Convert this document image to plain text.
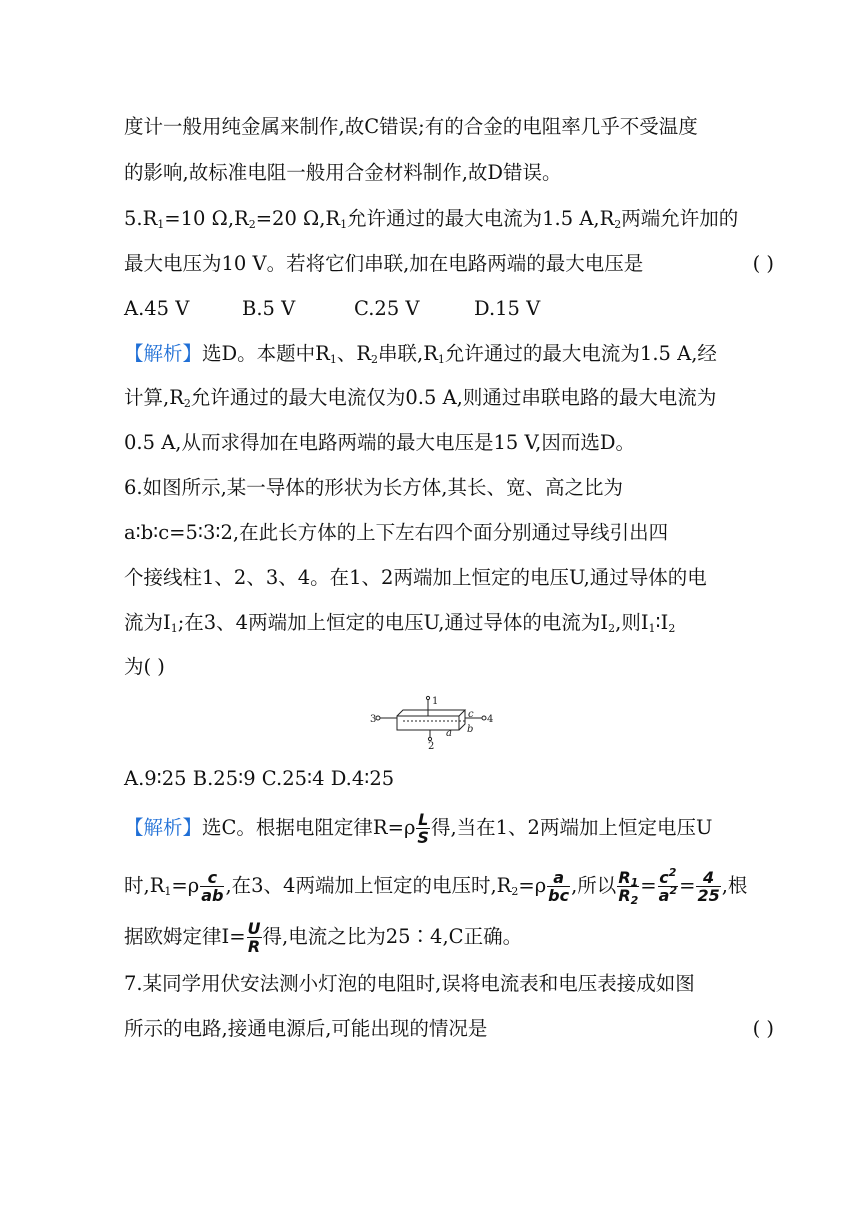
度计一般用纯金属来制作,故C错误;有的合金的电阻率几乎不受温度
的影响,故标准电阻一般用合金材料制作,故D错误。
$5.R_1=10$ $\Omega,R_2=20$ $\Omega,R_1$允许通过的最大电流为1.5 $A,R_2$两端允许加的
最大电压为10 V。若将它们串联,加在电路两端的最大电压是	( )
A.45 V	B.5 V	C.25 V	D.15 V
【解析】选D。本题中$R_1$、$R_2$串联$,R_1$允许通过的最大电流为1.5 A,经
计算$,R_2$允许通过的最大电流仅为0.5 A,则通过串联电路的最大电流为
0.5 A,从而求得加在电路两端的最大电压是15 V,因而选D。
6.如图所示,某一导体的形状为长方体,其长、宽、高之比为
a∶b∶c=5∶3∶2,在此长方体的上下左右四个面分别通过导线引出四
个接线柱1、2、3、4。在1、2两端加上恒定的电压U,通过导体的电
流为$I_1$;在3、4两端加上恒定的电压U,通过导体的电流为$I_2$,则$I_1∶I_2$
为( )
1
2
3	4
a b
c
A.9∶25 B.25∶9 C.25∶4 D.4∶25
【解析】选C。根据电阻定律$R=\rho \frac{L}{S}$ 得,当在1、2两端加上恒定电压U
时$,R_1=\rho \frac{c}{ab}$ ,在3、4两端加上恒定的电压时$,R_2=\rho \frac{a}{bc}$ ,所以 $\frac{R_1}{R_2} = \frac{c^2}{a^2} = \frac{4}{25}$ ,根
据欧姆定律$I= \frac{U}{R}$ 得,电流之比为25∶4,C正确。
7.某同学用伏安法测小灯泡的电阻时,误将电流表和电压表接成如图
所示的电路,接通电源后,可能出现的情况是	( )
